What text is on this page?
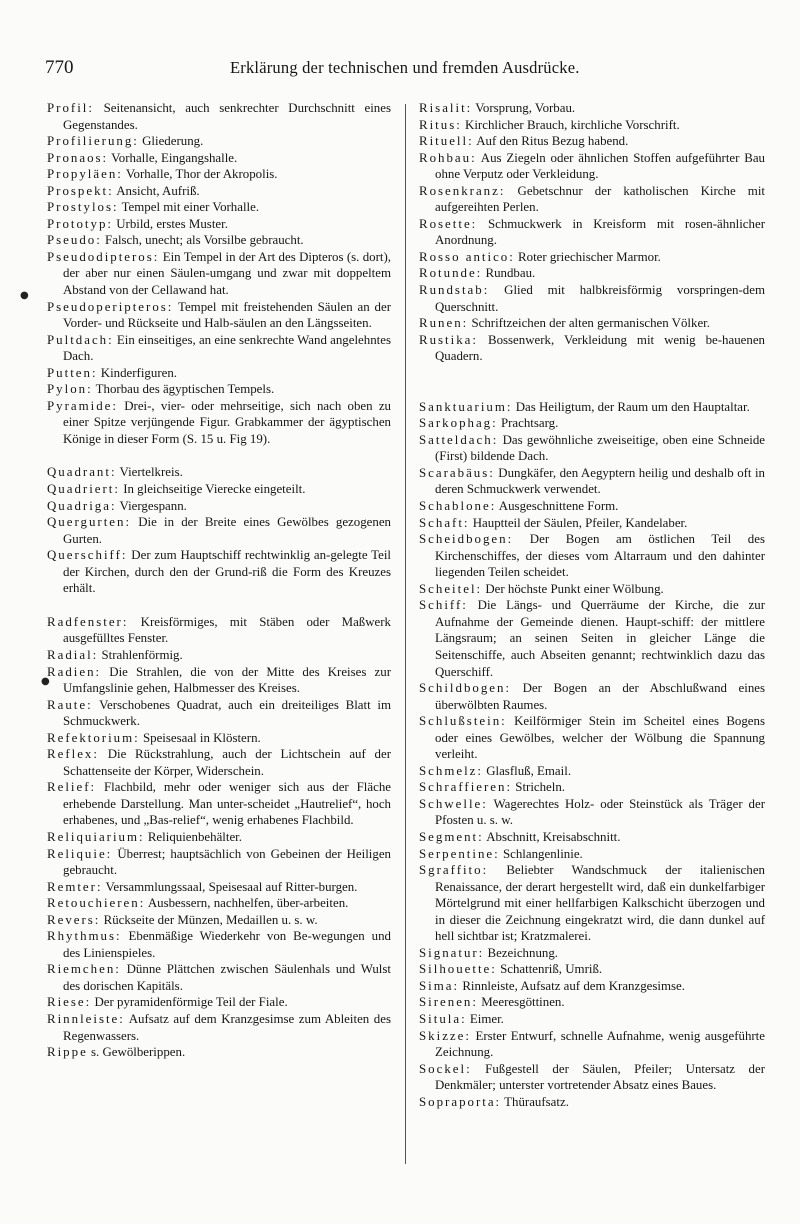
770	Erklärung der technischen und fremden Ausdrücke.
Profil: Seitenansicht, auch senkrechter Durchschnitt eines Gegenstandes.
Profilierung: Gliederung.
Pronaos: Vorhalle, Eingangshalle.
Propyläen: Vorhalle, Thor der Akropolis.
Prospekt: Ansicht, Aufriß.
Prostylos: Tempel mit einer Vorhalle.
Prototyp: Urbild, erstes Muster.
Pseudo: Falsch, unecht; als Vorsilbe gebraucht.
Pseudodipteros: Ein Tempel in der Art des Dipteros (s. dort), der aber nur einen Säulen-umgang und zwar mit doppeltem Abstand von der Cellawand hat.
Pseudoperipteros: Tempel mit freistehenden Säulen an der Vorder- und Rückseite und Halb-säulen an den Längsseiten.
Pultdach: Ein einseitiges, an eine senkrechte Wand angelehntes Dach.
Putten: Kinderfiguren.
Pylon: Thorbau des ägyptischen Tempels.
Pyramide: Drei-, vier- oder mehrseitige, sich nach oben zu einer Spitze verjüngende Figur. Grabkammer der ägyptischen Könige in dieser Form (S. 15 u. Fig 19).
Quadrant: Viertelkreis.
Quadriert: In gleichseitige Vierecke eingeteilt.
Quadriga: Viergespann.
Quergurten: Die in der Breite eines Gewölbes gezogenen Gurten.
Querschiff: Der zum Hauptschiff rechtwinklig an-gelegte Teil der Kirchen, durch den der Grund-riß die Form des Kreuzes erhält.
Radfenster: Kreisförmiges, mit Stäben oder Maßwerk ausgefülltes Fenster.
Radial: Strahlenförmig.
Radien: Die Strahlen, die von der Mitte des Kreises zur Umfangslinie gehen, Halbmesser des Kreises.
Raute: Verschobenes Quadrat, auch ein dreiteiliges Blatt im Schmuckwerk.
Refektorium: Speisesaal in Klöstern.
Reflex: Die Rückstrahlung, auch der Lichtschein auf der Schattenseite der Körper, Widerschein.
Relief: Flachbild, mehr oder weniger sich aus der Fläche erhebende Darstellung. Man unter-scheidet „Hautrelief“, hoch erhabenes, und „Bas-relief“, wenig erhabenes Flachbild.
Reliquiarium: Reliquienbehälter.
Reliquie: Überrest; hauptsächlich von Gebeinen der Heiligen gebraucht.
Remter: Versammlungssaal, Speisesaal auf Ritter-burgen.
Retouchieren: Ausbessern, nachhelfen, über-arbeiten.
Revers: Rückseite der Münzen, Medaillen u. s. w.
Rhythmus: Ebenmäßige Wiederkehr von Be-wegungen und des Linienspieles.
Riemchen: Dünne Plättchen zwischen Säulenhals und Wulst des dorischen Kapitäls.
Riese: Der pyramidenförmige Teil der Fiale.
Rinnleiste: Aufsatz auf dem Kranzgesimse zum Ableiten des Regenwassers.
Rippe s. Gewölberippen.
Risalit: Vorsprung, Vorbau.
Ritus: Kirchlicher Brauch, kirchliche Vorschrift.
Rituell: Auf den Ritus Bezug habend.
Rohbau: Aus Ziegeln oder ähnlichen Stoffen aufgeführter Bau ohne Verputz oder Verkleidung.
Rosenkranz: Gebetschnur der katholischen Kirche mit aufgereihten Perlen.
Rosette: Schmuckwerk in Kreisform mit rosen-ähnlicher Anordnung.
Rosso antico: Roter griechischer Marmor.
Rotunde: Rundbau.
Rundstab: Glied mit halbkreisförmig vorspringen-dem Querschnitt.
Runen: Schriftzeichen der alten germanischen Völker.
Rustika: Bossenwerk, Verkleidung mit wenig be-hauenen Quadern.
Sanktuarium: Das Heiligtum, der Raum um den Hauptaltar.
Sarkophag: Prachtsarg.
Satteldach: Das gewöhnliche zweiseitige, oben eine Schneide (First) bildende Dach.
Scarabäus: Dungkäfer, den Aegyptern heilig und deshalb oft in deren Schmuckwerk verwendet.
Schablone: Ausgeschnittene Form.
Schaft: Hauptteil der Säulen, Pfeiler, Kandelaber.
Scheidbogen: Der Bogen am östlichen Teil des Kirchenschiffes, der dieses vom Altarraum und den dahinter liegenden Teilen scheidet.
Scheitel: Der höchste Punkt einer Wölbung.
Schiff: Die Längs- und Querräume der Kirche, die zur Aufnahme der Gemeinde dienen. Haupt-schiff: der mittlere Längsraum; an seinen Seiten in gleicher Länge die Seitenschiffe, auch Abseiten genannt; rechtwinklich dazu das Querschiff.
Schildbogen: Der Bogen an der Abschlußwand eines überwölbten Raumes.
Schlußstein: Keilförmiger Stein im Scheitel eines Bogens oder eines Gewölbes, welcher der Wölbung die Spannung verleiht.
Schmelz: Glasfluß, Email.
Schraffieren: Stricheln.
Schwelle: Wagerechtes Holz- oder Steinstück als Träger der Pfosten u. s. w.
Segment: Abschnitt, Kreisabschnitt.
Serpentine: Schlangenlinie.
Sgraffito: Beliebter Wandschmuck der italienischen Renaissance, der derart hergestellt wird, daß ein dunkelfarbiger Mörtelgrund mit einer hellfarbigen Kalkschicht überzogen und in dieser die Zeichnung eingekratzt wird, die dann dunkel auf hell sichtbar ist; Kratzmalerei.
Signatur: Bezeichnung.
Silhouette: Schattenriß, Umriß.
Sima: Rinnleiste, Aufsatz auf dem Kranzgesimse.
Sirenen: Meeresgöttinen.
Situla: Eimer.
Skizze: Erster Entwurf, schnelle Aufnahme, wenig ausgeführte Zeichnung.
Sockel: Fußgestell der Säulen, Pfeiler; Untersatz der Denkmäler; unterster vortretender Absatz eines Baues.
Sopraporta: Thüraufsatz.
●
●
